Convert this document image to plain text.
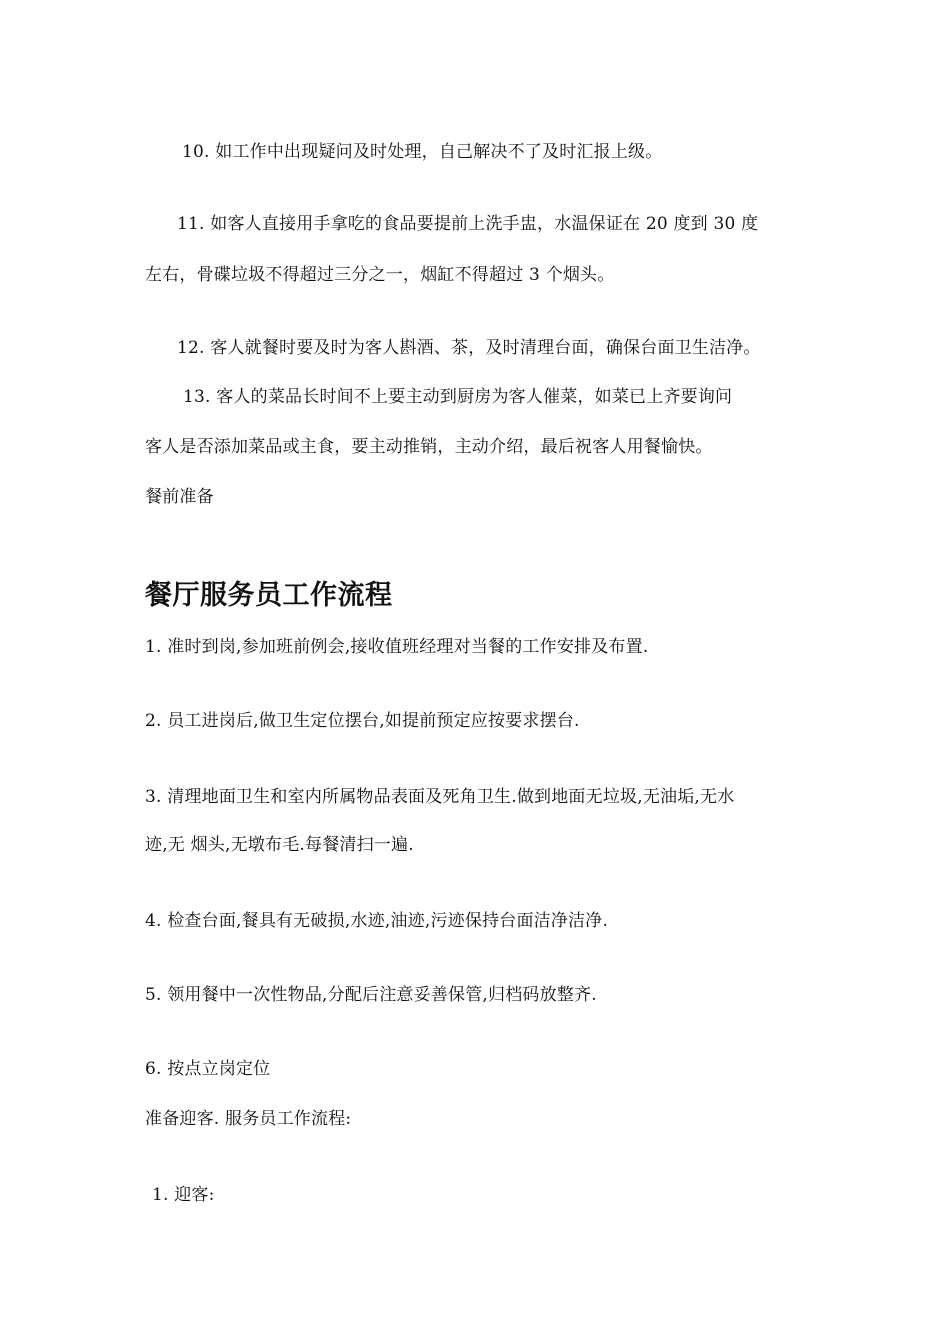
10. 如工作中出现疑问及时处理，自己解决不了及时汇报上级。
11. 如客人直接用手拿吃的食品要提前上洗手盅，水温保证在 20 度到 30 度
左右，骨碟垃圾不得超过三分之一，烟缸不得超过 3 个烟头。
12. 客人就餐时要及时为客人斟酒、茶，及时清理台面，确保台面卫生洁净。
13. 客人的菜品长时间不上要主动到厨房为客人催菜，如菜已上齐要询问
客人是否添加菜品或主食，要主动推销，主动介绍，最后祝客人用餐愉快。
餐前准备
餐厅服务员工作流程
1. 准时到岗,参加班前例会,接收值班经理对当餐的工作安排及布置.
2. 员工进岗后,做卫生定位摆台,如提前预定应按要求摆台.
3. 清理地面卫生和室内所属物品表面及死角卫生.做到地面无垃圾,无油垢,无水
迹,无 烟头,无墩布毛.每餐清扫一遍.
4. 检查台面,餐具有无破损,水迹,油迹,污迹保持台面洁净洁净.
5. 领用餐中一次性物品,分配后注意妥善保管,归档码放整齐.
6. 按点立岗定位
准备迎客. 服务员工作流程:
1. 迎客:
